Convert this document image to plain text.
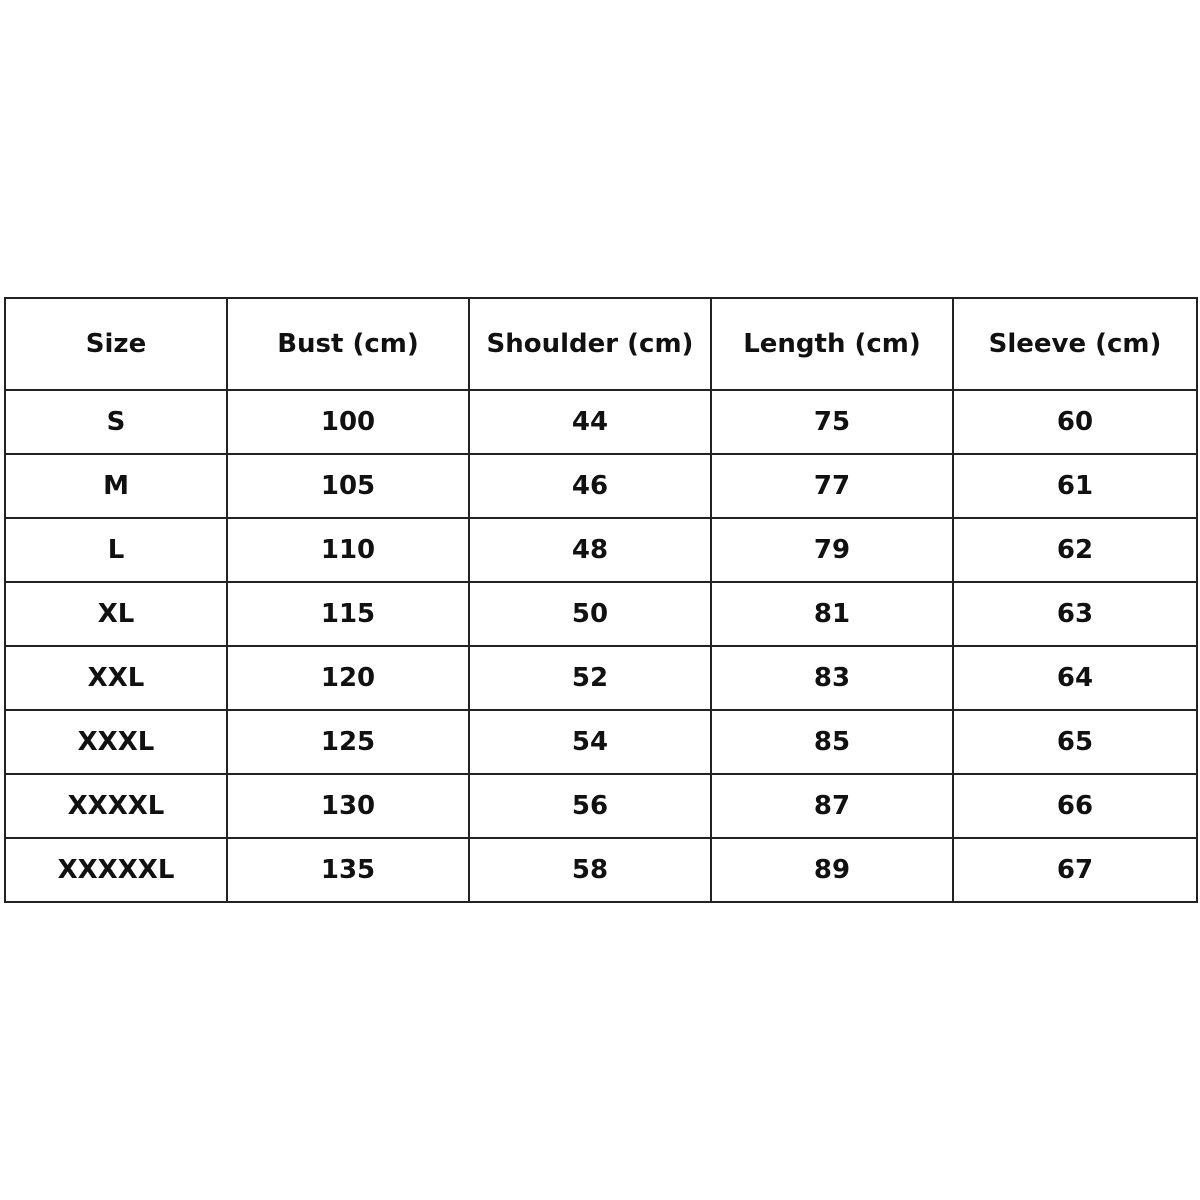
Size	Bust (cm)	Shoulder (cm)	Length (cm)	Sleeve (cm)
S	100	44	75	60
M	105	46	77	61
L	110	48	79	62
XL	115	50	81	63
XXL	120	52	83	64
XXXL	125	54	85	65
XXXXL	130	56	87	66
XXXXXL	135	58	89	67
